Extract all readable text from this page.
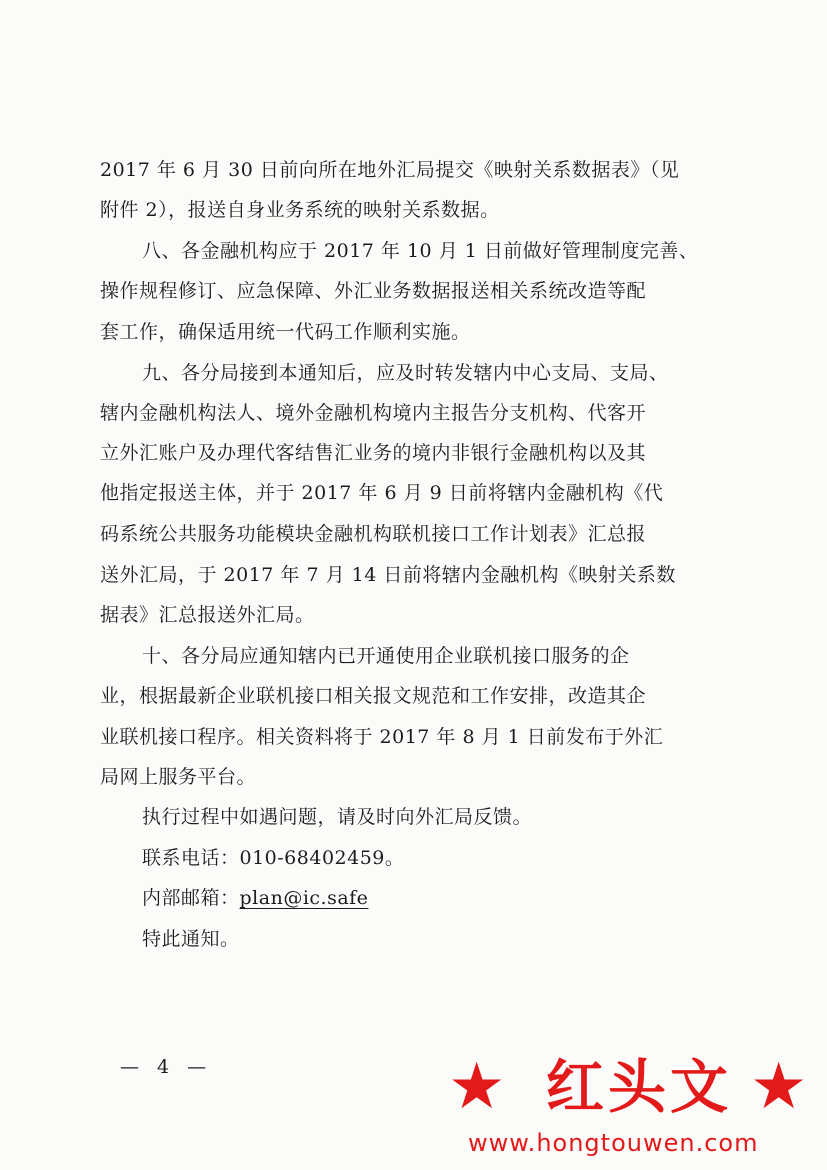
2017 年 6 月 30 日前向所在地外汇局提交《映射关系数据表》（见
附件 2），报送自身业务系统的映射关系数据。
八、各金融机构应于 2017 年 10 月 1 日前做好管理制度完善、
操作规程修订、应急保障、外汇业务数据报送相关系统改造等配
套工作，确保适用统一代码工作顺利实施。
九、各分局接到本通知后，应及时转发辖内中心支局、支局、
辖内金融机构法人、境外金融机构境内主报告分支机构、代客开
立外汇账户及办理代客结售汇业务的境内非银行金融机构以及其
他指定报送主体，并于 2017 年 6 月 9 日前将辖内金融机构《代
码系统公共服务功能模块金融机构联机接口工作计划表》汇总报
送外汇局，于 2017 年 7 月 14 日前将辖内金融机构《映射关系数
据表》汇总报送外汇局。
十、各分局应通知辖内已开通使用企业联机接口服务的企
业，根据最新企业联机接口相关报文规范和工作安排，改造其企
业联机接口程序。相关资料将于 2017 年 8 月 1 日前发布于外汇
局网上服务平台。
执行过程中如遇问题，请及时向外汇局反馈。
联系电话：010-68402459。
内部邮箱：plan@ic.safe
特此通知。
— 4 —	★ 红头文 ★
www.hongtouwen.com
